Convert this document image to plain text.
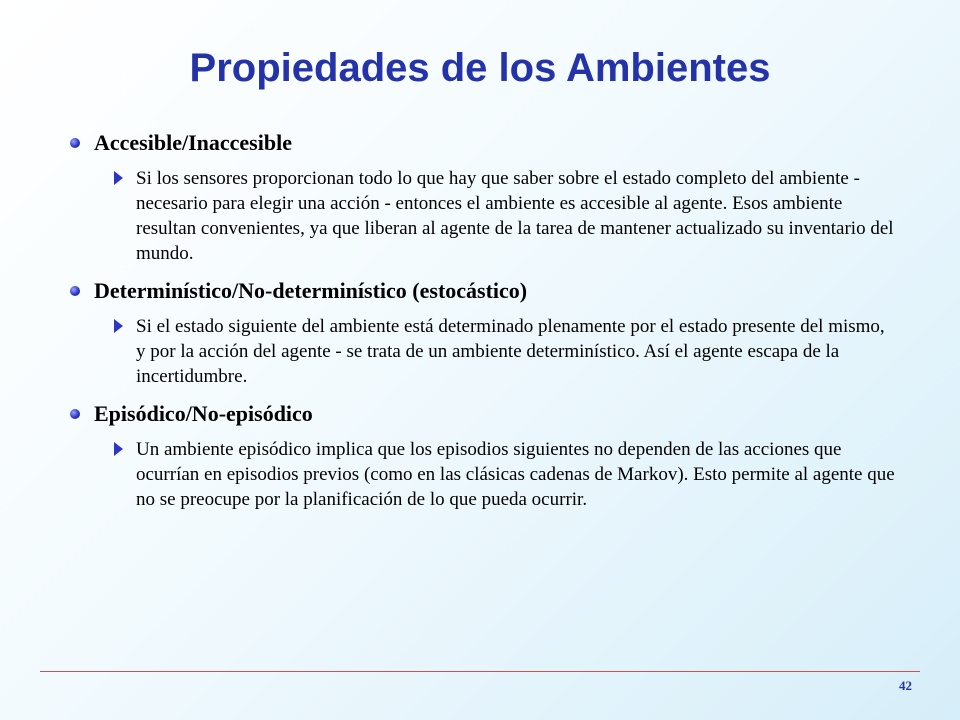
Propiedades de los Ambientes
Accesible/Inaccesible
Si los sensores proporcionan todo lo que hay que saber sobre el estado completo del ambiente - necesario para elegir una acción - entonces el ambiente es accesible al agente. Esos ambiente resultan convenientes, ya que liberan al agente de la tarea de mantener actualizado su inventario del mundo.
Determinístico/No-determinístico (estocástico)
Si el estado siguiente del ambiente está determinado plenamente por el estado presente del mismo, y por la acción del agente - se trata de un ambiente determinístico. Así el agente escapa de la incertidumbre.
Episódico/No-episódico
Un ambiente episódico implica que los episodios siguientes no dependen de las acciones que ocurrían en episodios previos (como en las clásicas cadenas de Markov). Esto permite al agente que no se preocupe por la planificación de lo que pueda ocurrir.
42
